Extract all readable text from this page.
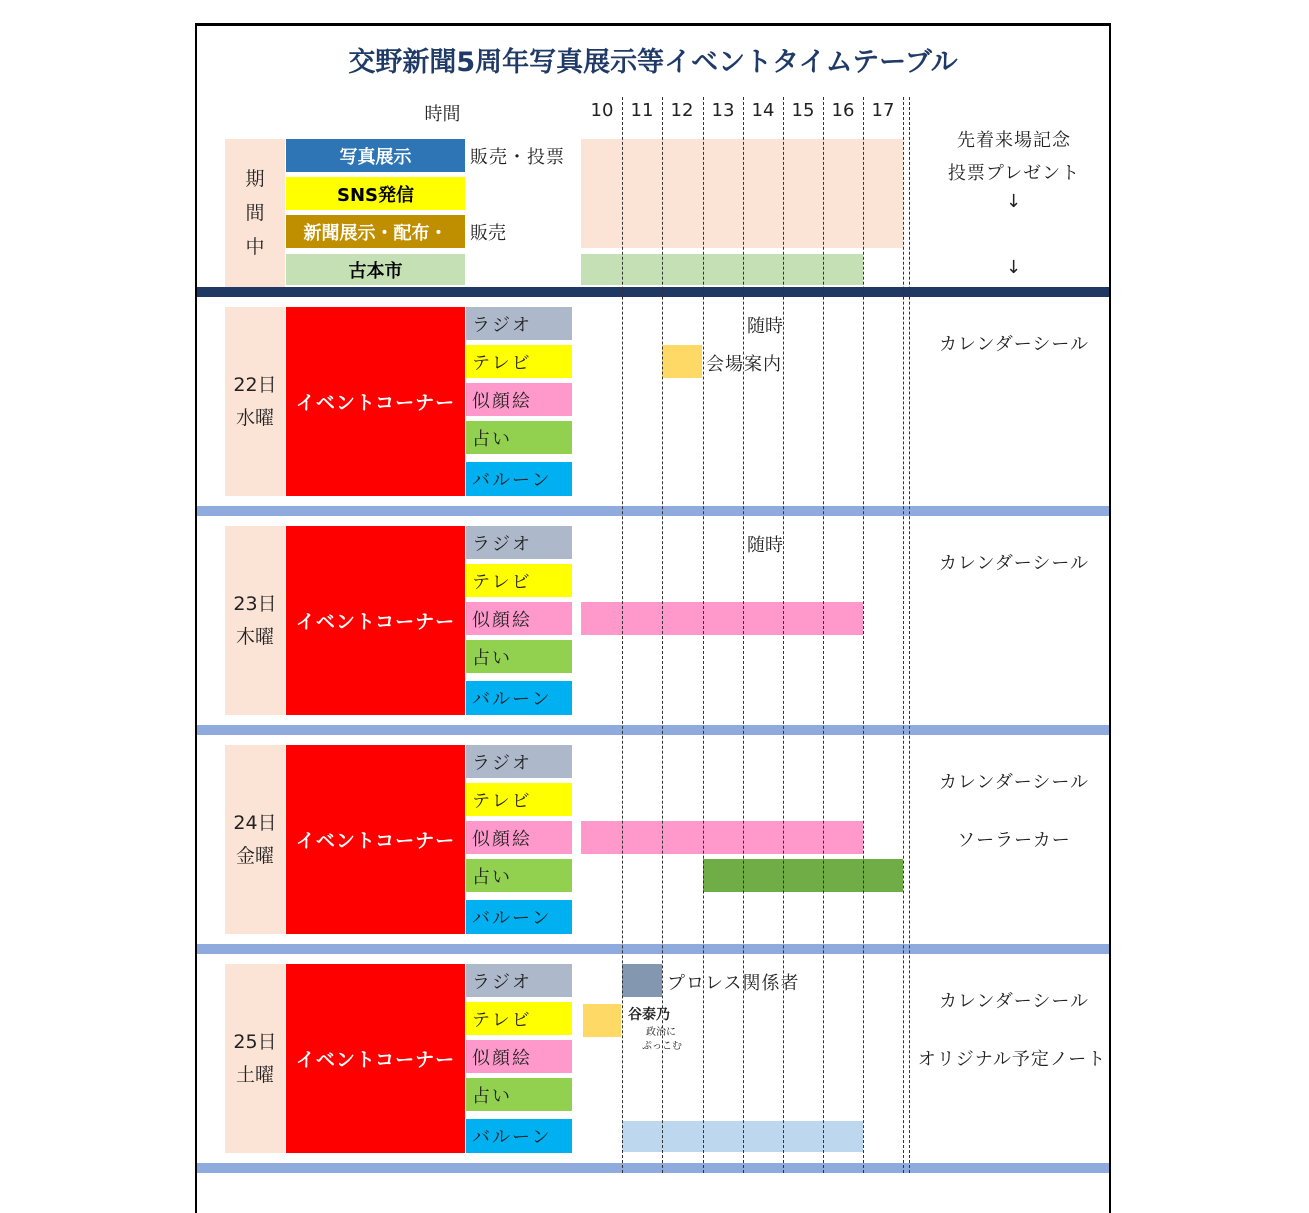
交野新聞5周年写真展示等イベントタイムテーブル
時間	10 11 12	13 14 15 16 17
期
間
中
写真展示
SNS発信
新聞展示・配布・
古本市
販売・投票
販売
先着来場記念
投票プレゼント
↓
↓
22日
水曜
イベントコーナー
ラジオ
テレビ
似顔絵
占い
バルーン
随時
会場案内
カレンダーシール
23日
木曜
イベントコーナー
ラジオ
テレビ
似顔絵
占い
バルーン
随時
カレンダーシール
24日
金曜
イベントコーナー
ラジオ
テレビ
似顔絵
占い
バルーン
カレンダーシール
ソーラーカー
25日
土曜
イベントコーナー
ラジオ
テレビ
似顔絵
占い
バルーン
プロレス関係者
谷泰乃
政治に
ぷっこむ
カレンダーシール
オリジナル予定ノート
